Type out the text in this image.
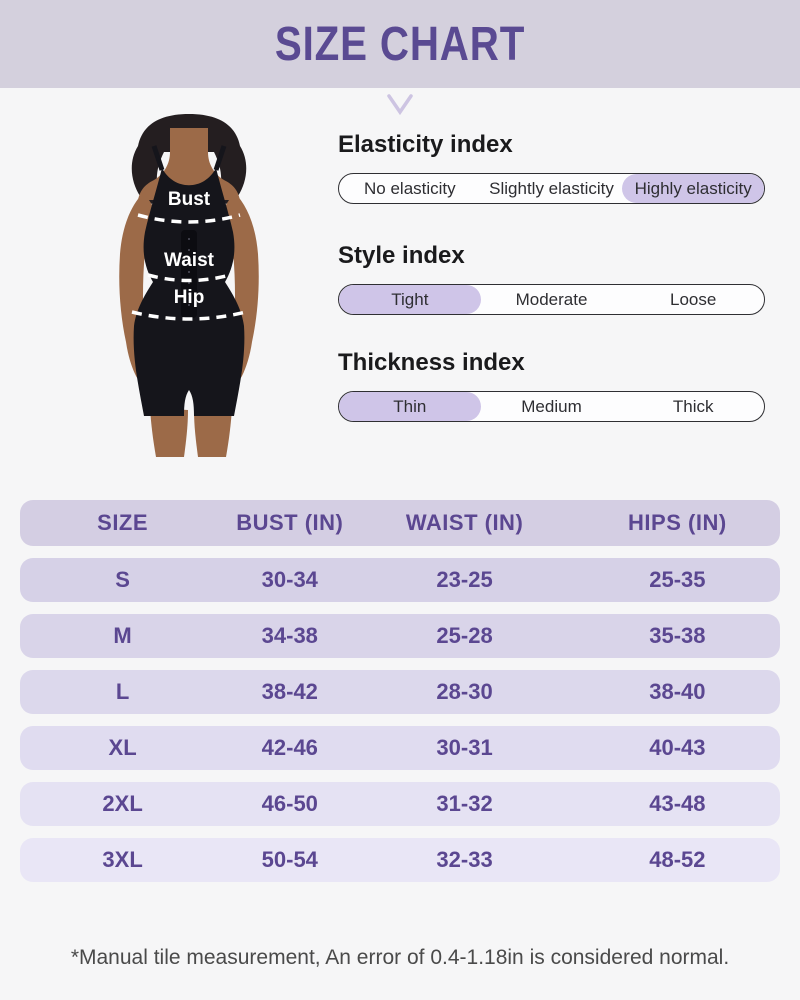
SIZE CHART
Bust
Waist
Hip
Elasticity index
No elasticity	Slightly elasticity	Highly elasticity
Style index
Tight	Moderate	Loose
Thickness index
Thin	Medium	Thick
SIZE	BUST (IN)	WAIST (IN)	HIPS (IN)
S	30-34	23-25	25-35
M	34-38	25-28	35-38
L	38-42	28-30	38-40
XL	42-46	30-31	40-43
2XL	46-50	31-32	43-48
3XL	50-54	32-33	48-52

*Manual tile measurement, An error of 0.4-1.18in is considered normal.
